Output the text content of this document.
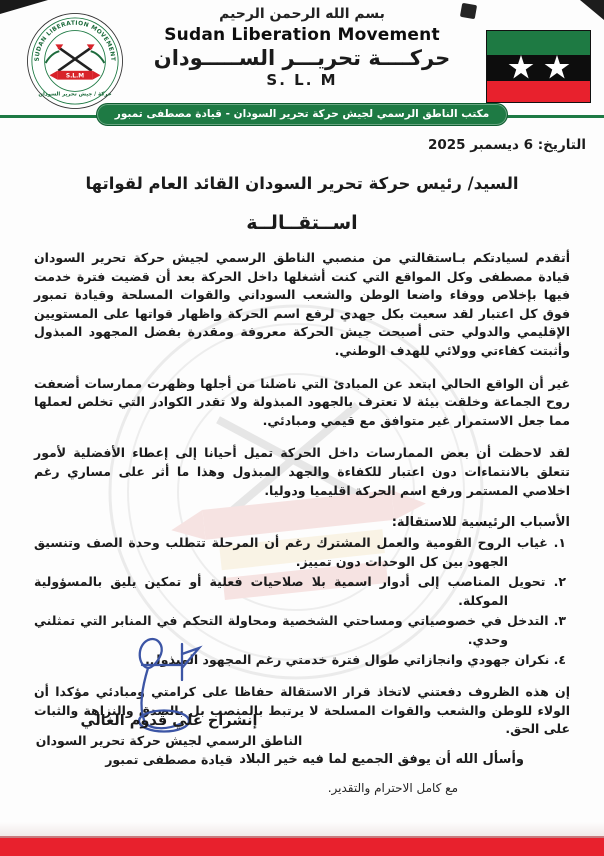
SUDAN LIBERATION MOVEMENT
S.L.M
حركة / جيش تحرير السودان
بسم الله الرحمن الرحيم
Sudan Liberation Movement
حركــــة تحريـــر الســـــودان
S. L. M
مكتب الناطق الرسمي لجيش حركة تحرير السودان - قيادة مصطفى تمبور
التاريخ: 6 ديسمبر 2025
السيد/ رئيس حركة تحرير السودان القائد العام لقواتها
اســتقــالــة
أتقدم لسيادتكم بـاستقالتي من منصبي الناطق الرسمي لجيش حركة تحرير السودان قيادة مصطفى وكل المواقع التي كنت أشغلها داخل الحركة بعد أن قضيت فترة خدمت فيها بإخلاص ووفاء واضعا الوطن والشعب السوداني والقوات المسلحة وقيادة تمبور فوق كل اعتبار لقد سعيت بكل جهدي لرفع اسم الحركة واظهار قواتها على المستويين الإقليمي والدولي حتى أصبحت جيش الحركة معروفة ومقدرة بفضل المجهود المبذول وأثبتت كفاءتي وولائي للهدف الوطني.
غير أن الواقع الحالي ابتعد عن المبادئ التي ناضلنا من أجلها وظهرت ممارسات أضعفت روح الجماعة وخلقت بيئة لا تعترف بالجهود المبذولة ولا تقدر الكوادر التي تخلص لعملها مما جعل الاستمرار غير متوافق مع قيمي ومبادئي.
لقد لاحظت أن بعض الممارسات داخل الحركة تميل أحيانا إلى إعطاء الأفضلية لأمور تتعلق بالانتماءات دون اعتبار للكفاءة والجهد المبذول وهذا ما أثر على مساري رغم اخلاصي المستمر ورفع اسم الحركة اقليميا ودوليا.
الأسباب الرئيسية للاستقالة:
١. غياب الروح القومية والعمل المشترك رغم أن المرحلة تتطلب وحدة الصف وتنسيق الجهود بين كل الوحدات دون تمييز.
٢. تحويل المناصب إلى أدوار اسمية بلا صلاحيات فعلية أو تمكين يليق بالمسؤولية الموكلة.
٣. التدخل في خصوصياتي ومساحتي الشخصية ومحاولة التحكم في المنابر التي تمثلني وحدي.
٤. نكران جهودي وانجازاتي طوال فترة خدمتي رغم المجهود المبذول.
إن هذه الظروف دفعتني لاتخاذ قرار الاستقالة حفاظا على كرامتي ومبادئي مؤكدا أن الولاء للوطن والشعب والقوات المسلحة لا يرتبط بالمنصب بل بالصدق والنزاهة والثبات على الحق.
وأسأل الله أن يوفق الجميع لما فيه خير البلاد
مع كامل الاحترام والتقدير.
إنشراح علي قدوم الغالي
الناطق الرسمي لجيش حركة تحرير السودان
قيادة مصطفى تمبور
